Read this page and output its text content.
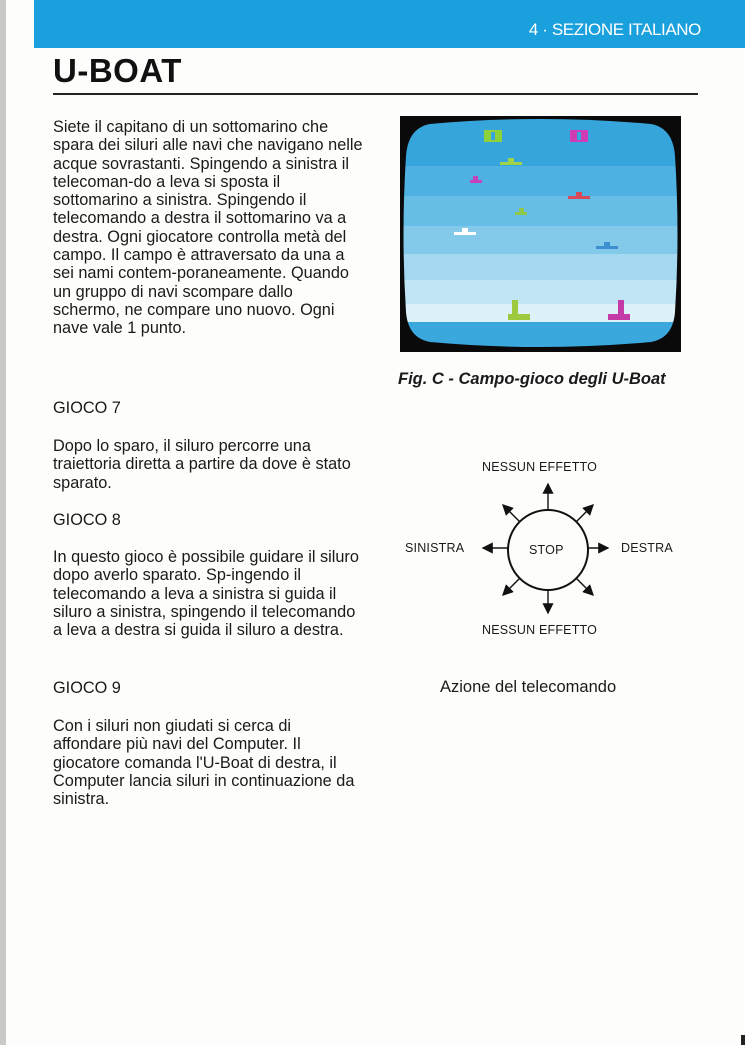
4 · SEZIONE ITALIANO
U-BOAT

Siete il capitano di un sottomarino che spara dei siluri alle navi che navigano nelle acque sovrastanti. Spingendo a sinistra il telecoman-do a leva si sposta il sottomarino a sinistra. Spingendo il telecomando a destra il sottomarino va a destra. Ogni giocatore controlla metà del campo. Il campo è attraversato da una a sei nami contem-poraneamente. Quando un gruppo di navi scompare dallo schermo, ne compare uno nuovo. Ogni nave vale 1 punto.

GIOCO 7

Dopo lo sparo, il siluro percorre una traiettoria diretta a partire da dove è stato sparato.

GIOCO 8

In questo gioco è possibile guidare il siluro dopo averlo sparato. Sp-ingendo il telecomando a leva a sinistra si guida il siluro a sinistra, spingendo il telecomando a leva a destra si guida il siluro a destra.

GIOCO 9

Con i siluri non giudati si cerca di affondare più navi del Computer. Il giocatore comanda l'U-Boat di destra, il Computer lancia siluri in continuazione da sinistra.

Fig. C - Campo-gioco degli U-Boat
NESSUN EFFETTO
SINISTRA	STOP	DESTRA
NESSUN EFFETTO
Azione del telecomando
